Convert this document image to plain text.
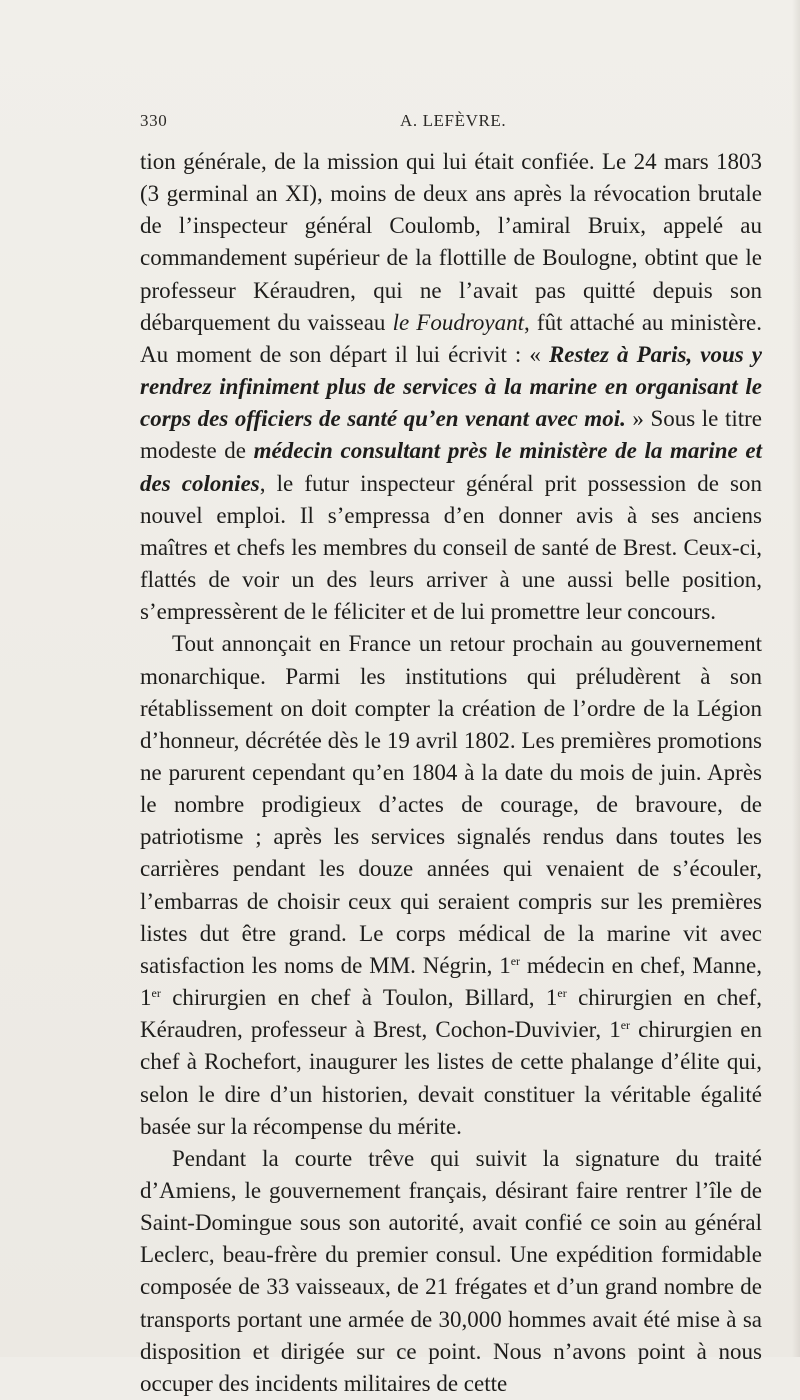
330	A. LEFÈVRE.

tion générale, de la mission qui lui était confiée. Le 24 mars 1803 (3 germinal an XI), moins de deux ans après la révocation brutale de l’inspecteur général Coulomb, l’amiral Bruix, appelé au commandement supérieur de la flottille de Boulogne, obtint que le professeur Kéraudren, qui ne l’avait pas quitté depuis son débarquement du vaisseau le Foudroyant, fût attaché au ministère. Au moment de son départ il lui écrivit : « Restez à Paris, vous y rendrez infiniment plus de services à la marine en organisant le corps des officiers de santé qu’en venant avec moi. » Sous le titre modeste de médecin consultant près le ministère de la marine et des colonies, le futur inspecteur général prit possession de son nouvel emploi. Il s’empressa d’en donner avis à ses anciens maîtres et chefs les membres du conseil de santé de Brest. Ceux-ci, flattés de voir un des leurs arriver à une aussi belle position, s’empressèrent de le féliciter et de lui promettre leur concours.

Tout annonçait en France un retour prochain au gouvernement monarchique. Parmi les institutions qui préludèrent à son rétablissement on doit compter la création de l’ordre de la Légion d’honneur, décrétée dès le 19 avril 1802. Les premières promotions ne parurent cependant qu’en 1804 à la date du mois de juin. Après le nombre prodigieux d’actes de courage, de bravoure, de patriotisme ; après les services signalés rendus dans toutes les carrières pendant les douze années qui venaient de s’écouler, l’embarras de choisir ceux qui seraient compris sur les premières listes dut être grand. Le corps médical de la marine vit avec satisfaction les noms de MM. Négrin, 1er médecin en chef, Manne, 1er chirurgien en chef à Toulon, Billard, 1er chirurgien en chef, Kéraudren, professeur à Brest, Cochon-Duvivier, 1er chirurgien en chef à Rochefort, inaugurer les listes de cette phalange d’élite qui, selon le dire d’un historien, devait constituer la véritable égalité basée sur la récompense du mérite.

Pendant la courte trêve qui suivit la signature du traité d’Amiens, le gouvernement français, désirant faire rentrer l’île de Saint-Domingue sous son autorité, avait confié ce soin au général Leclerc, beau-frère du premier consul. Une expédition formidable composée de 33 vaisseaux, de 21 frégates et d’un grand nombre de transports portant une armée de 30,000 hommes avait été mise à sa disposition et dirigée sur ce point. Nous n’avons point à nous occuper des incidents militaires de cette
